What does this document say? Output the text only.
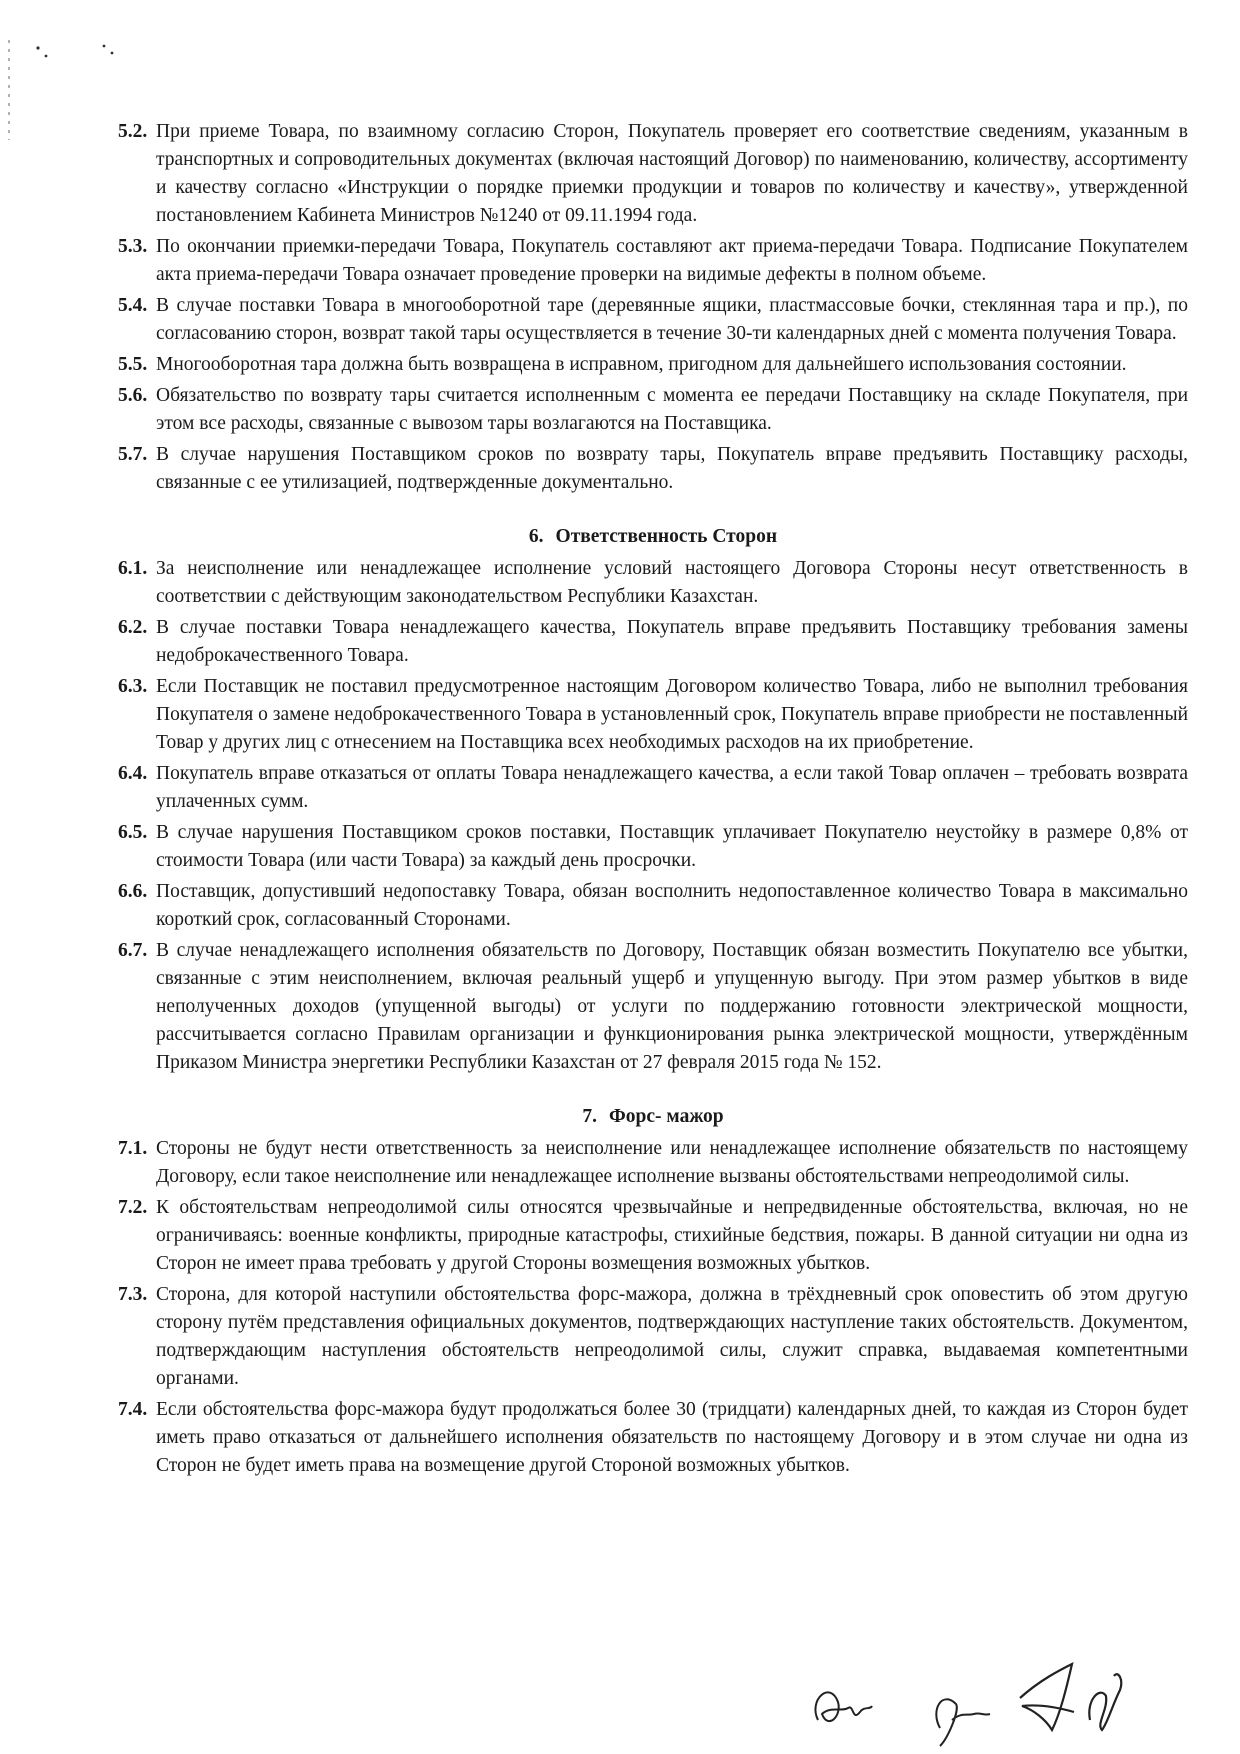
5.2. При приеме Товара, по взаимному согласию Сторон, Покупатель проверяет его соответствие сведениям, указанным в транспортных и сопроводительных документах (включая настоящий Договор) по наименованию, количеству, ассортименту и качеству согласно «Инструкции о порядке приемки продукции и товаров по количеству и качеству», утвержденной постановлением Кабинета Министров №1240 от 09.11.1994 года.

5.3. По окончании приемки-передачи Товара, Покупатель составляют акт приема-передачи Товара. Подписание Покупателем акта приема-передачи Товара означает проведение проверки на видимые дефекты в полном объеме.

5.4. В случае поставки Товара в многооборотной таре (деревянные ящики, пластмассовые бочки, стеклянная тара и пр.), по согласованию сторон, возврат такой тары осуществляется в течение 30-ти календарных дней с момента получения Товара.

5.5. Многооборотная тара должна быть возвращена в исправном, пригодном для дальнейшего использования состоянии.

5.6. Обязательство по возврату тары считается исполненным с момента ее передачи Поставщику на складе Покупателя, при этом все расходы, связанные с вывозом тары возлагаются на Поставщика.

5.7. В случае нарушения Поставщиком сроков по возврату тары, Покупатель вправе предъявить Поставщику расходы, связанные с ее утилизацией, подтвержденные документально.

6. Ответственность Сторон

6.1. За неисполнение или ненадлежащее исполнение условий настоящего Договора Стороны несут ответственность в соответствии с действующим законодательством Республики Казахстан.

6.2. В случае поставки Товара ненадлежащего качества, Покупатель вправе предъявить Поставщику требования замены недоброкачественного Товара.

6.3. Если Поставщик не поставил предусмотренное настоящим Договором количество Товара, либо не выполнил требования Покупателя о замене недоброкачественного Товара в установленный срок, Покупатель вправе приобрести не поставленный Товар у других лиц с отнесением на Поставщика всех необходимых расходов на их приобретение.

6.4. Покупатель вправе отказаться от оплаты Товара ненадлежащего качества, а если такой Товар оплачен – требовать возврата уплаченных сумм.

6.5. В случае нарушения Поставщиком сроков поставки, Поставщик уплачивает Покупателю неустойку в размере 0,8% от стоимости Товара (или части Товара) за каждый день просрочки.

6.6. Поставщик, допустивший недопоставку Товара, обязан восполнить недопоставленное количество Товара в максимально короткий срок, согласованный Сторонами.

6.7. В случае ненадлежащего исполнения обязательств по Договору, Поставщик обязан возместить Покупателю все убытки, связанные с этим неисполнением, включая реальный ущерб и упущенную выгоду. При этом размер убытков в виде неполученных доходов (упущенной выгоды) от услуги по поддержанию готовности электрической мощности, рассчитывается согласно Правилам организации и функционирования рынка электрической мощности, утверждённым Приказом Министра энергетики Республики Казахстан от 27 февраля 2015 года № 152.

7. Форс- мажор

7.1. Стороны не будут нести ответственность за неисполнение или ненадлежащее исполнение обязательств по настоящему Договору, если такое неисполнение или ненадлежащее исполнение вызваны обстоятельствами непреодолимой силы.

7.2. К обстоятельствам непреодолимой силы относятся чрезвычайные и непредвиденные обстоятельства, включая, но не ограничиваясь: военные конфликты, природные катастрофы, стихийные бедствия, пожары. В данной ситуации ни одна из Сторон не имеет права требовать у другой Стороны возмещения возможных убытков.

7.3. Сторона, для которой наступили обстоятельства форс-мажора, должна в трёхдневный срок оповестить об этом другую сторону путём представления официальных документов, подтверждающих наступление таких обстоятельств. Документом, подтверждающим наступления обстоятельств непреодолимой силы, служит справка, выдаваемая компетентными органами.

7.4. Если обстоятельства форс-мажора будут продолжаться более 30 (тридцати) календарных дней, то каждая из Сторон будет иметь право отказаться от дальнейшего исполнения обязательств по настоящему Договору и в этом случае ни одна из Сторон не будет иметь права на возмещение другой Стороной возможных убытков.
